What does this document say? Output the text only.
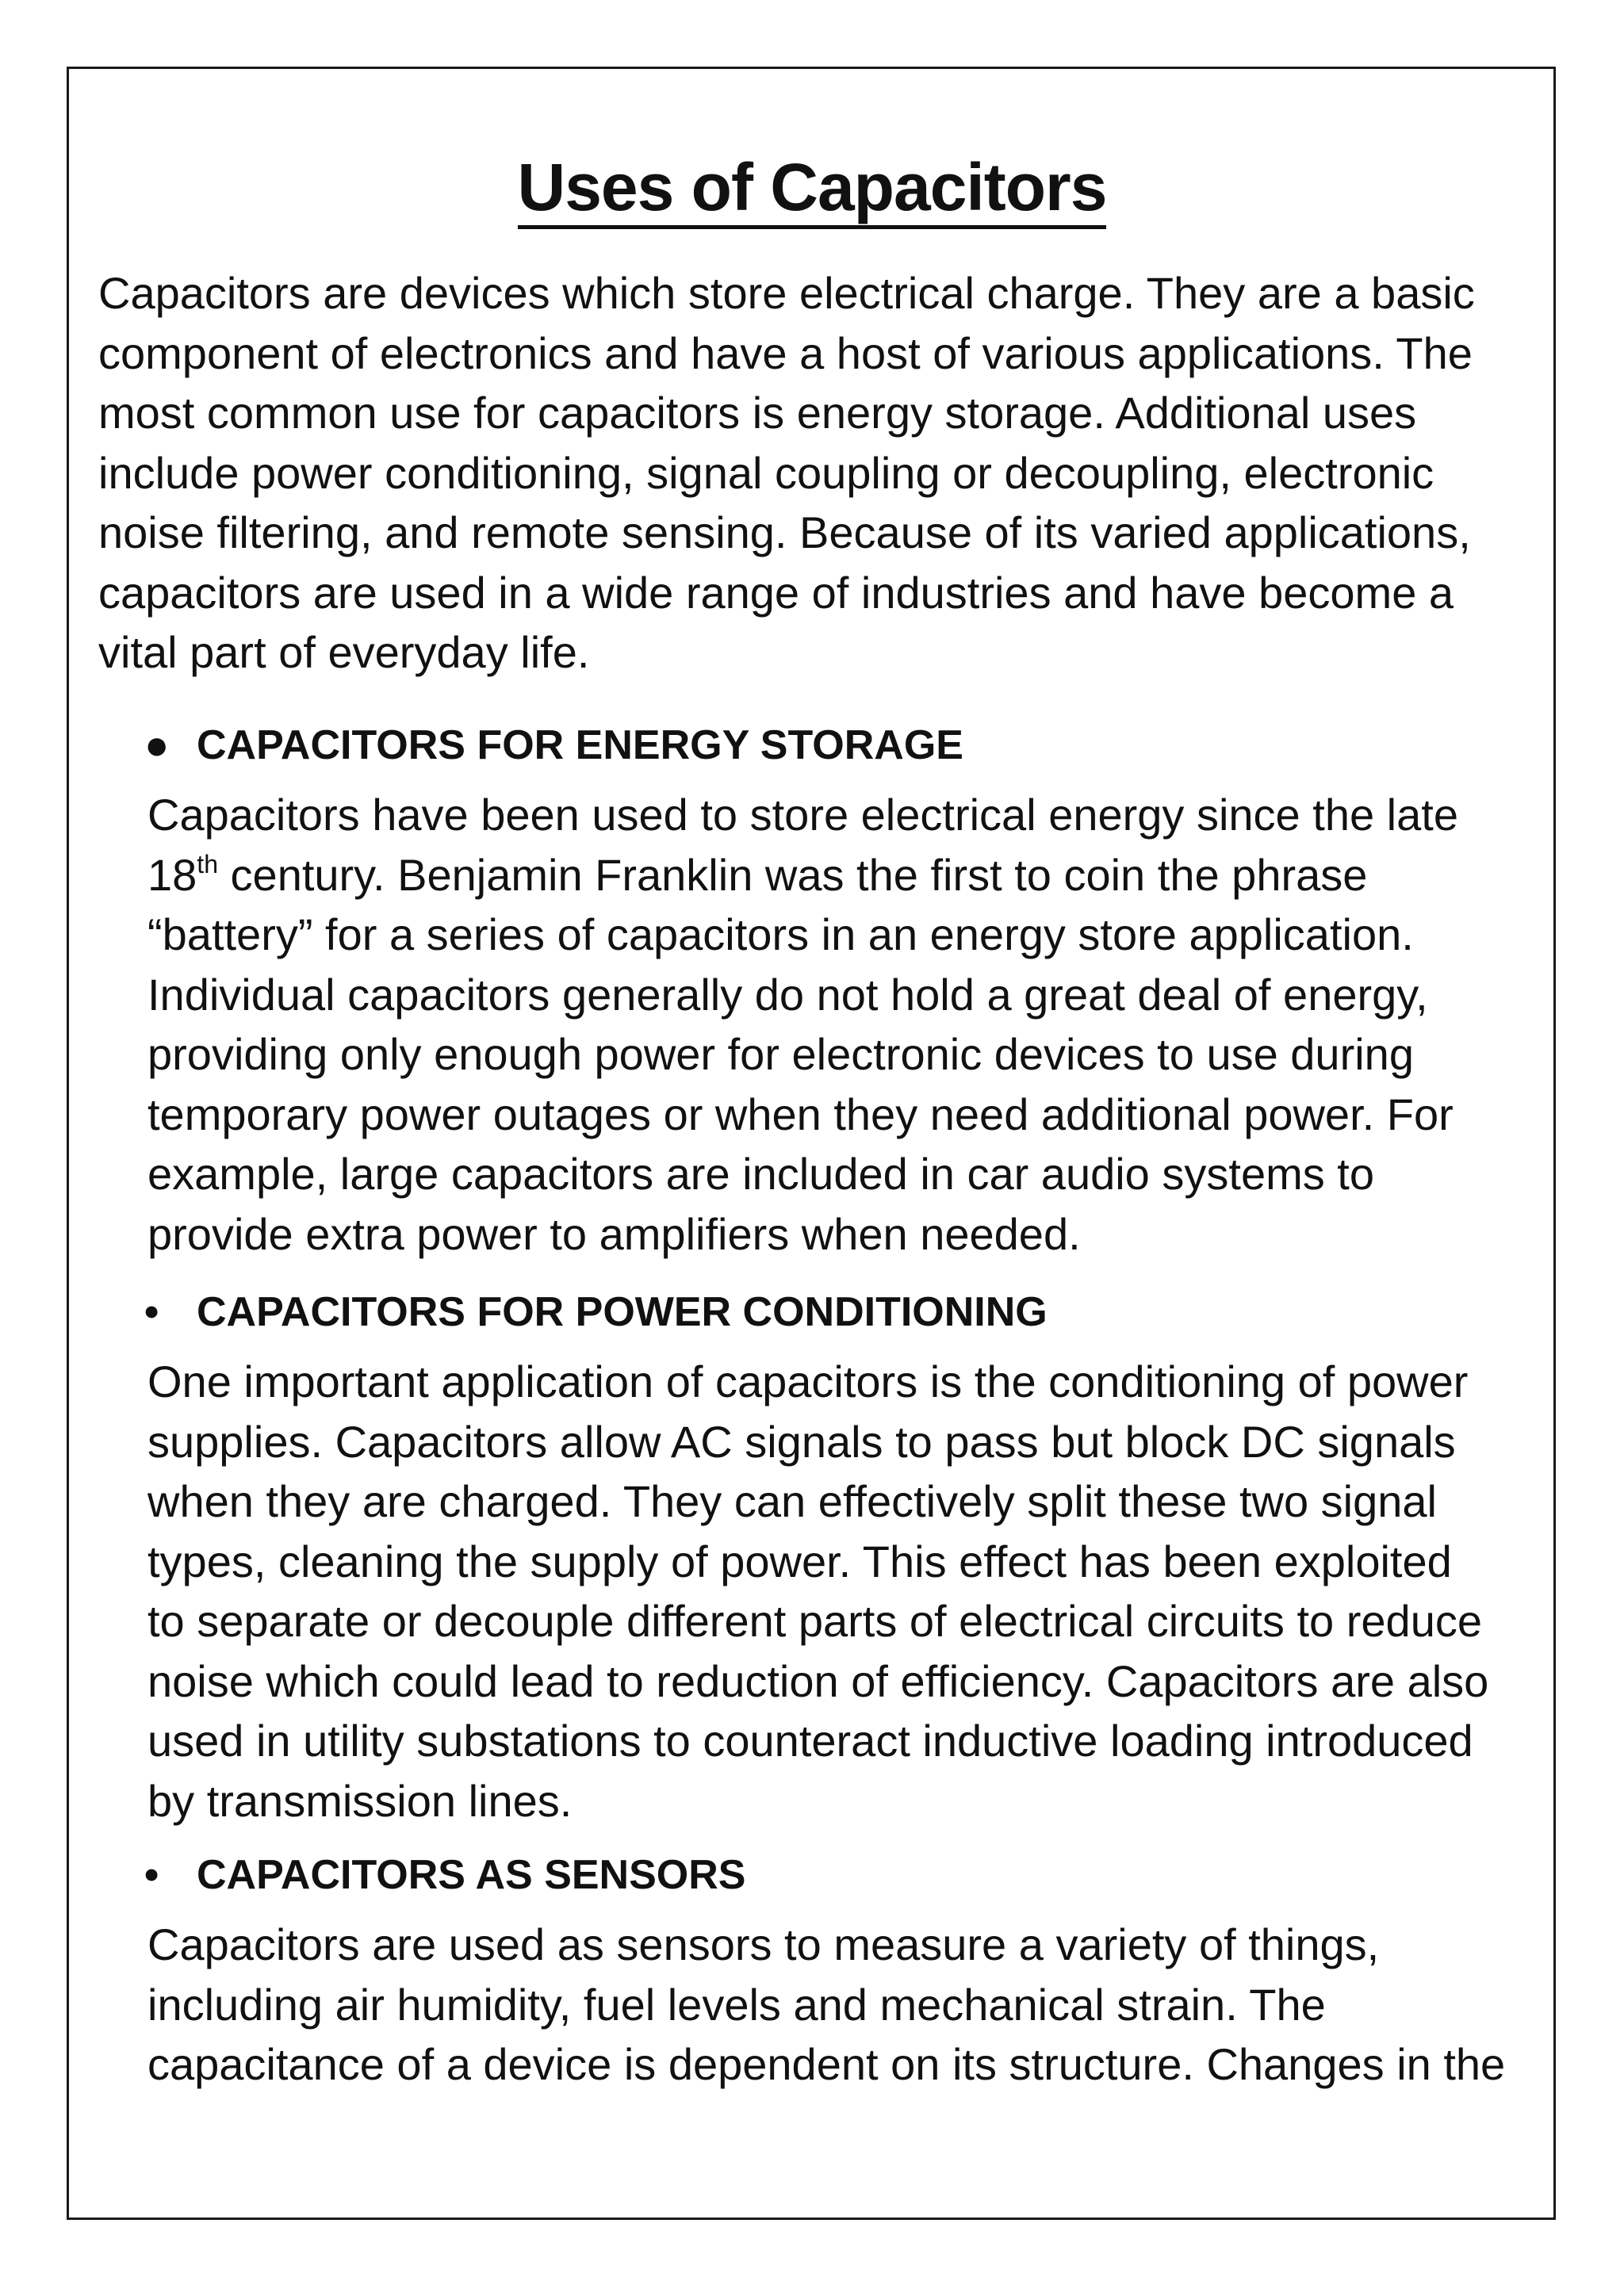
Uses of Capacitors

Capacitors are devices which store electrical charge. They are a basic
component of electronics and have a host of various applications. The
most common use for capacitors is energy storage. Additional uses
include power conditioning, signal coupling or decoupling, electronic
noise filtering, and remote sensing. Because of its varied applications,
capacitors are used in a wide range of industries and have become a
vital part of everyday life.

● CAPACITORS FOR ENERGY STORAGE

Capacitors have been used to store electrical energy since the late
18th century. Benjamin Franklin was the first to coin the phrase
“battery” for a series of capacitors in an energy store application.
Individual capacitors generally do not hold a great deal of energy,
providing only enough power for electronic devices to use during
temporary power outages or when they need additional power. For
example, large capacitors are included in car audio systems to
provide extra power to amplifiers when needed.

• CAPACITORS FOR POWER CONDITIONING

One important application of capacitors is the conditioning of power
supplies. Capacitors allow AC signals to pass but block DC signals
when they are charged. They can effectively split these two signal
types, cleaning the supply of power. This effect has been exploited
to separate or decouple different parts of electrical circuits to reduce
noise which could lead to reduction of efficiency. Capacitors are also
used in utility substations to counteract inductive loading introduced
by transmission lines.

• CAPACITORS AS SENSORS

Capacitors are used as sensors to measure a variety of things,
including air humidity, fuel levels and mechanical strain. The
capacitance of a device is dependent on its structure. Changes in the
